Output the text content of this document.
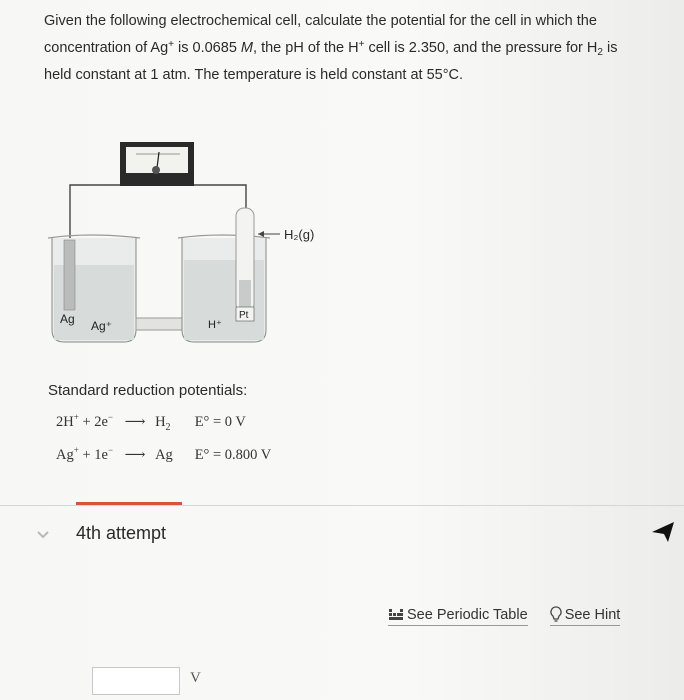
Given the following electrochemical cell, calculate the potential for the cell in which the concentration of Ag+ is 0.0685 M, the pH of the H+ cell is 2.350, and the pressure for $H_2$ is held constant at 1 atm. The temperature is held constant at 55°C.
H₂(g)
Ag Ag⁺	H⁺
Pt
Standard reduction potentials:
2H+ + 2e− ⟶ $H_2$ E° = 0 V
Ag+ + 1e− ⟶ Ag E° = 0.800 V
4th attempt
See Periodic Table	See Hint
V
